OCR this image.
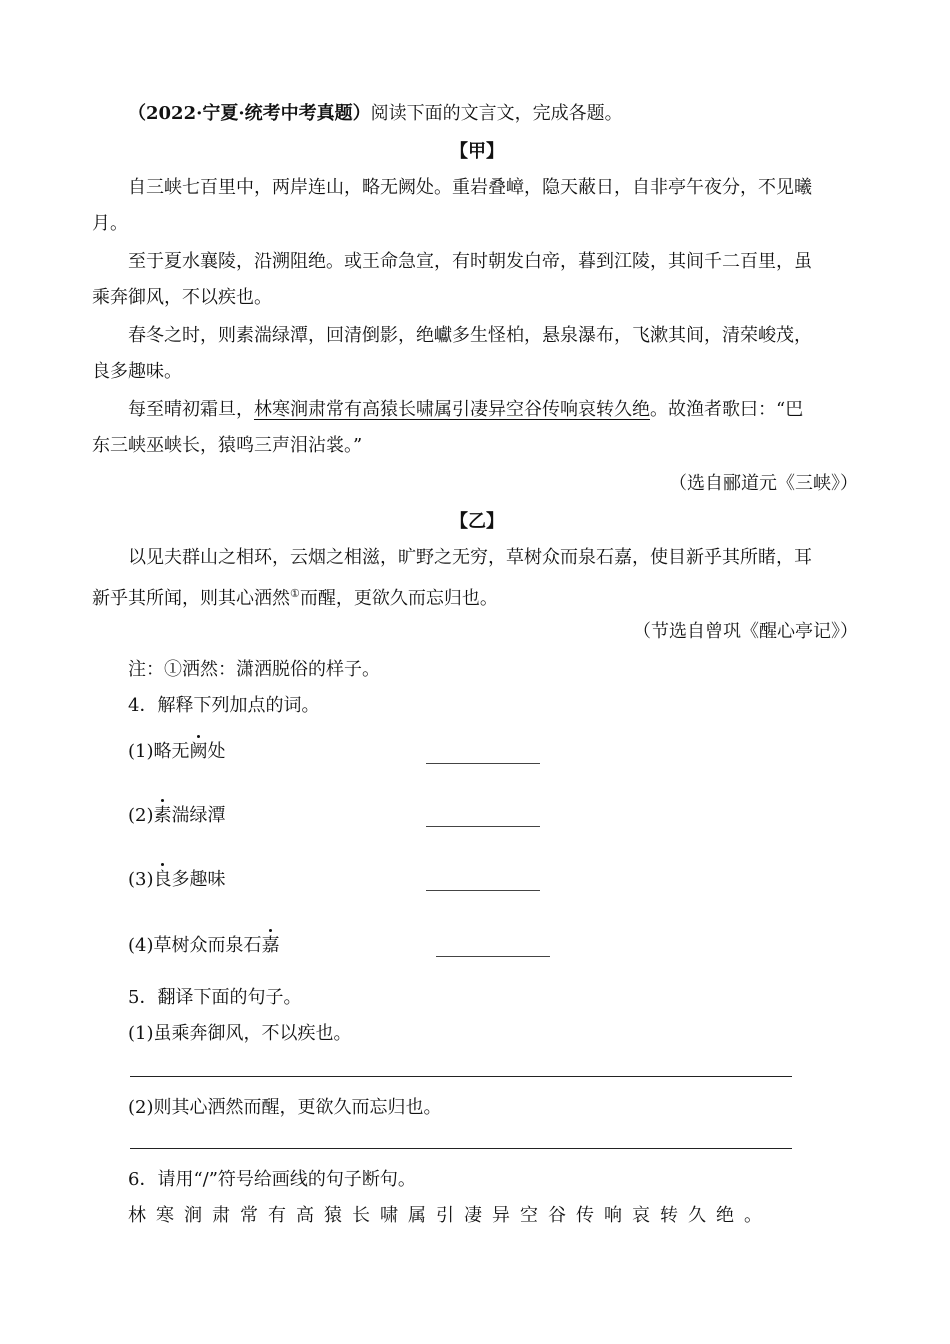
（2022·宁夏·统考中考真题）阅读下面的文言文，完成各题。
【甲】
自三峡七百里中，两岸连山，略无阙处。重岩叠嶂，隐天蔽日，自非亭午夜分，不见曦
月。
至于夏水襄陵，沿溯阻绝。或王命急宣，有时朝发白帝，暮到江陵，其间千二百里，虽
乘奔御风，不以疾也。
春冬之时，则素湍绿潭，回清倒影，绝巘多生怪柏，悬泉瀑布，飞漱其间，清荣峻茂，
良多趣味。
每至晴初霜旦，林寒涧肃常有高猿长啸属引凄异空谷传响哀转久绝。故渔者歌曰：“巴
东三峡巫峡长，猿鸣三声泪沾裳。”
（选自郦道元《三峡》）
【乙】
以见夫群山之相环，云烟之相滋，旷野之无穷，草树众而泉石嘉，使目新乎其所睹，耳
新乎其所闻，则其心洒然①而醒，更欲久而忘归也。
（节选自曾巩《醒心亭记》）
注：①洒然：潇洒脱俗的样子。
4．解释下列加点的词。
(1)略无阙处
(2)素湍绿潭
(3)良多趣味
(4)草树众而泉石嘉
5．翻译下面的句子。
(1)虽乘奔御风，不以疾也。
(2)则其心洒然而醒，更欲久而忘归也。
6．请用“/”符号给画线的句子断句。
林寒涧肃常有高猿长啸属引凄异空谷传响哀转久绝。
